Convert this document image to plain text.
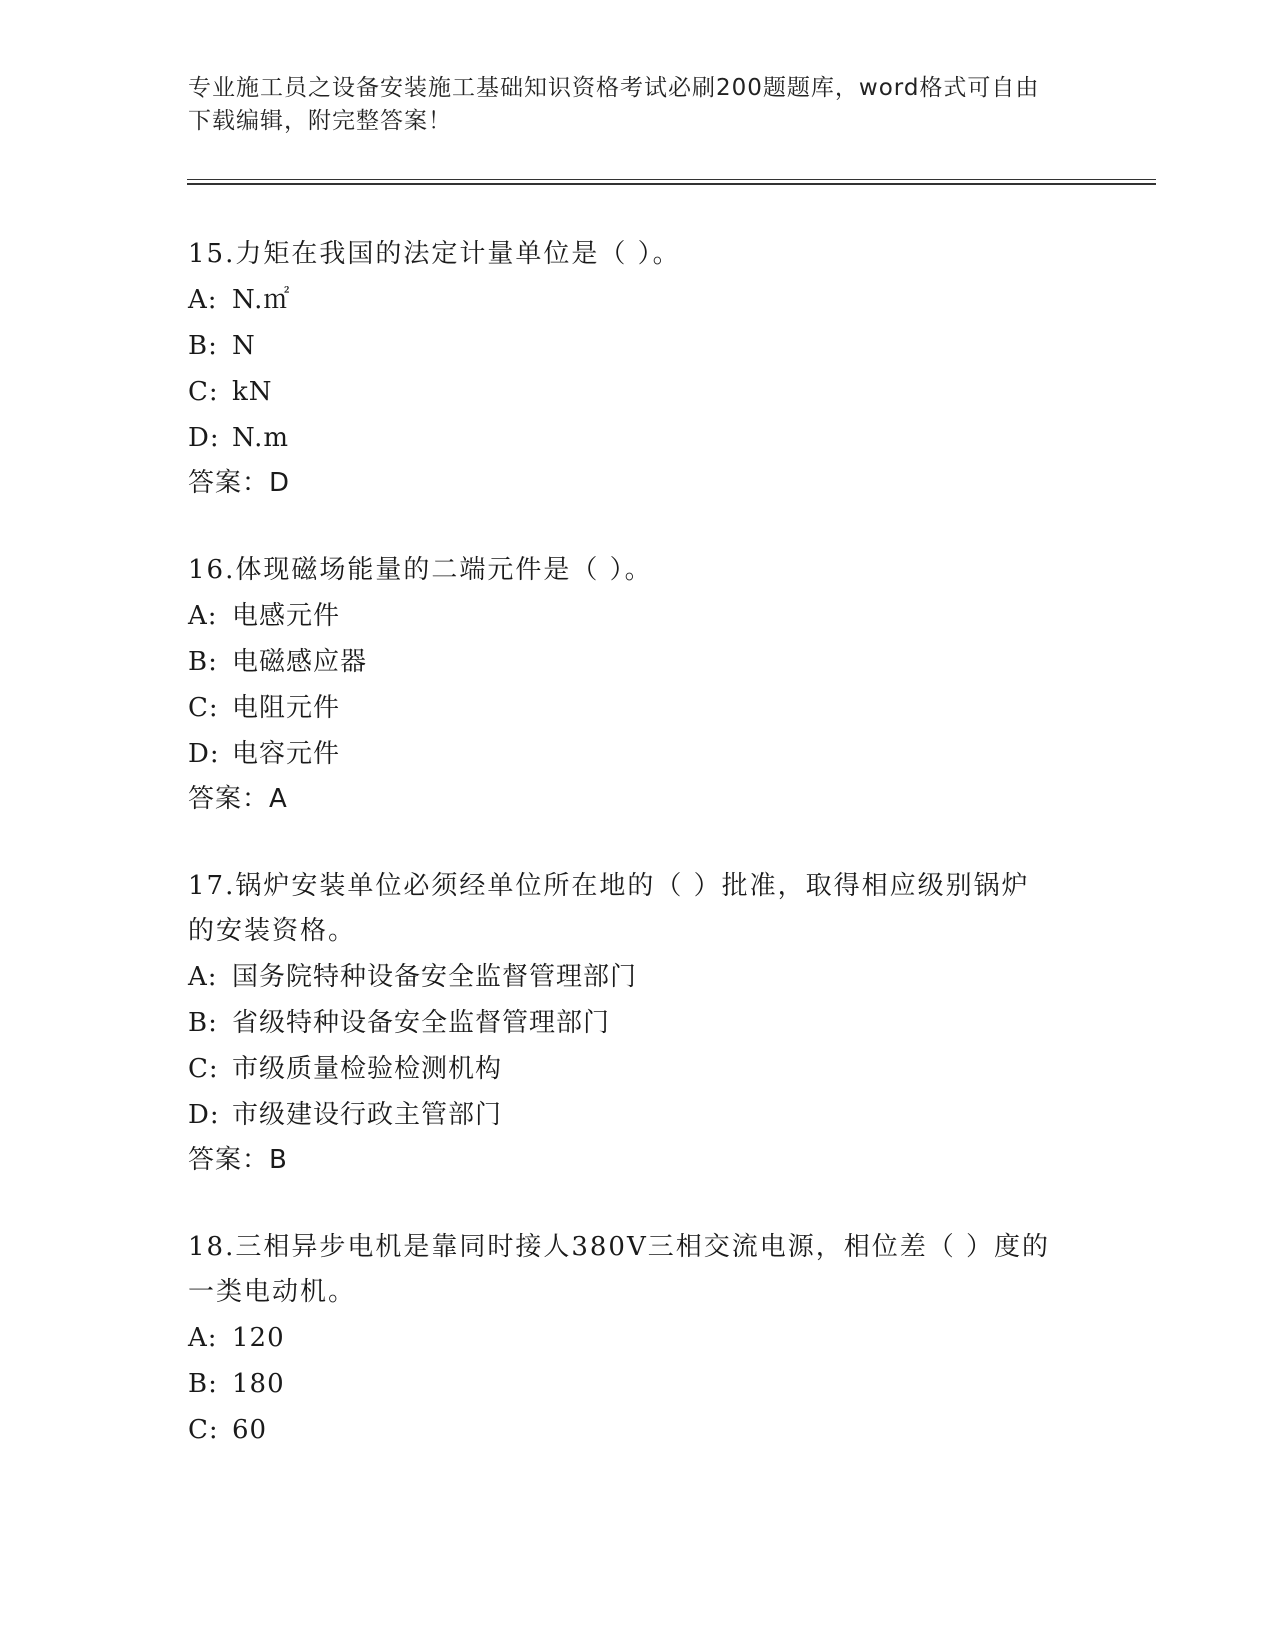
专业施工员之设备安装施工基础知识资格考试必刷200题题库，word格式可自由
下载编辑，附完整答案！

15.力矩在我国的法定计量单位是（ ）。

A: N.㎡

B: N

C: kN

D: N.m

答案：D

16.体现磁场能量的二端元件是（ ）。

A: 电感元件

B: 电磁感应器

C: 电阻元件

D: 电容元件

答案：A

17.锅炉安装单位必须经单位所在地的（ ）批准，取得相应级别锅炉

的安装资格。

A: 国务院特种设备安全监督管理部门

B: 省级特种设备安全监督管理部门

C: 市级质量检验检测机构

D: 市级建设行政主管部门

答案：B

18.三相异步电机是靠同时接人380V三相交流电源，相位差（ ）度的

一类电动机。

A: 120

B: 180

C: 60
